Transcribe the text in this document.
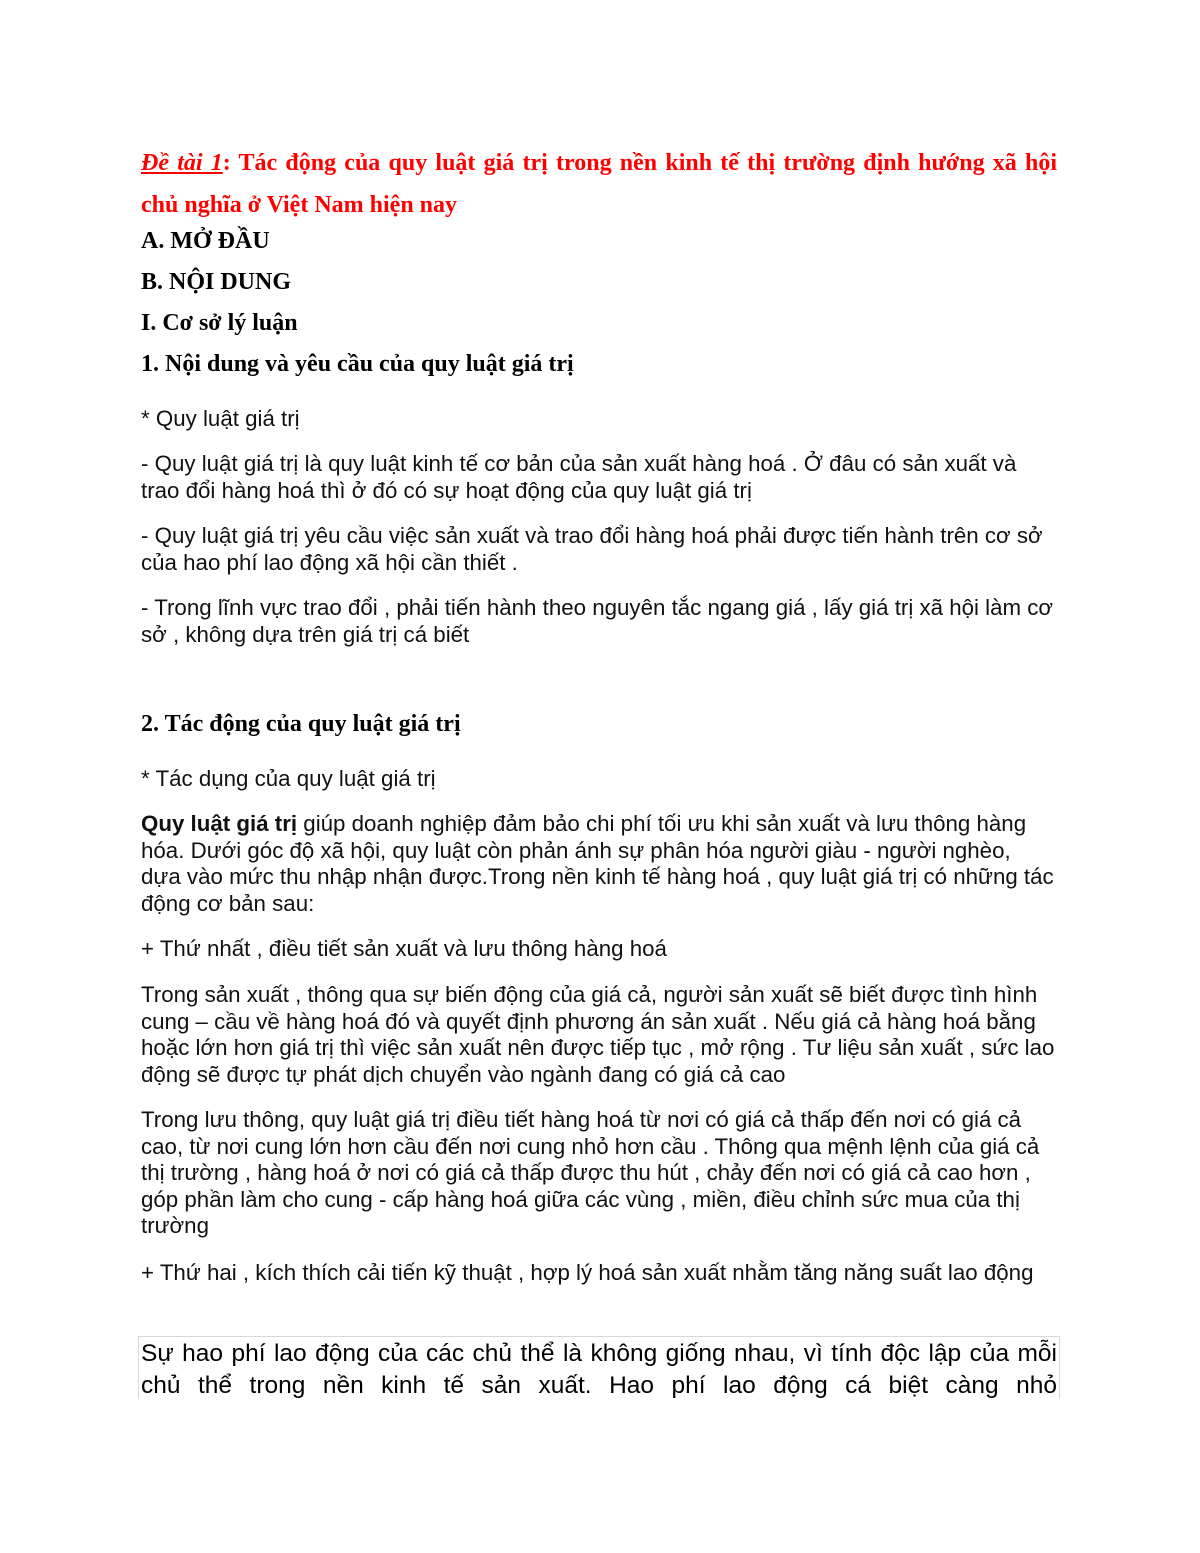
Đề tài 1: Tác động của quy luật giá trị trong nền kinh tế thị trường định hướng xã hội chủ nghĩa ở Việt Nam hiện nay
A. MỞ ĐẦU
B. NỘI DUNG
I. Cơ sở lý luận
1. Nội dung và yêu cầu của quy luật giá trị
* Quy luật giá trị
- Quy luật giá trị là quy luật kinh tế cơ bản của sản xuất hàng hoá . Ở đâu có sản xuất và trao đổi hàng hoá thì ở đó có sự hoạt động của quy luật giá trị
- Quy luật giá trị yêu cầu việc sản xuất và trao đổi hàng hoá phải được tiến hành trên cơ sở của hao phí lao động xã hội cần thiết .
- Trong lĩnh vực trao đổi , phải tiến hành theo nguyên tắc ngang giá , lấy giá trị xã hội làm cơ sở , không dựa trên giá trị cá biết
2. Tác động của quy luật giá trị
* Tác dụng của quy luật giá trị
Quy luật giá trị giúp doanh nghiệp đảm bảo chi phí tối ưu khi sản xuất và lưu thông hàng hóa. Dưới góc độ xã hội, quy luật còn phản ánh sự phân hóa người giàu - người nghèo, dựa vào mức thu nhập nhận được.Trong nền kinh tế hàng hoá , quy luật giá trị có những tác động cơ bản sau:
+ Thứ nhất , điều tiết sản xuất và lưu thông hàng hoá
Trong sản xuất , thông qua sự biến động của giá cả, người sản xuất sẽ biết được tình hình cung – cầu về hàng hoá đó và quyết định phương án sản xuất . Nếu giá cả hàng hoá bằng hoặc lớn hơn giá trị thì việc sản xuất nên được tiếp tục , mở rộng . Tư liệu sản xuất , sức lao động sẽ được tự phát dịch chuyển vào ngành đang có giá cả cao
Trong lưu thông, quy luật giá trị điều tiết hàng hoá từ nơi có giá cả thấp đến nơi có giá cả cao, từ nơi cung lớn hơn cầu đến nơi cung nhỏ hơn cầu . Thông qua mệnh lệnh của giá cả thị trường , hàng hoá ở nơi có giá cả thấp được thu hút , chảy đến nơi có giá cả cao hơn , góp phần làm cho cung - cấp hàng hoá giữa các vùng , miền, điều chỉnh sức mua của thị trường
+ Thứ hai , kích thích cải tiến kỹ thuật , hợp lý hoá sản xuất nhằm tăng năng suất lao động
Sự hao phí lao động của các chủ thể là không giống nhau, vì tính độc lập của mỗi chủ thể trong nền kinh tế sản xuất. Hao phí lao động cá biệt càng nhỏ
